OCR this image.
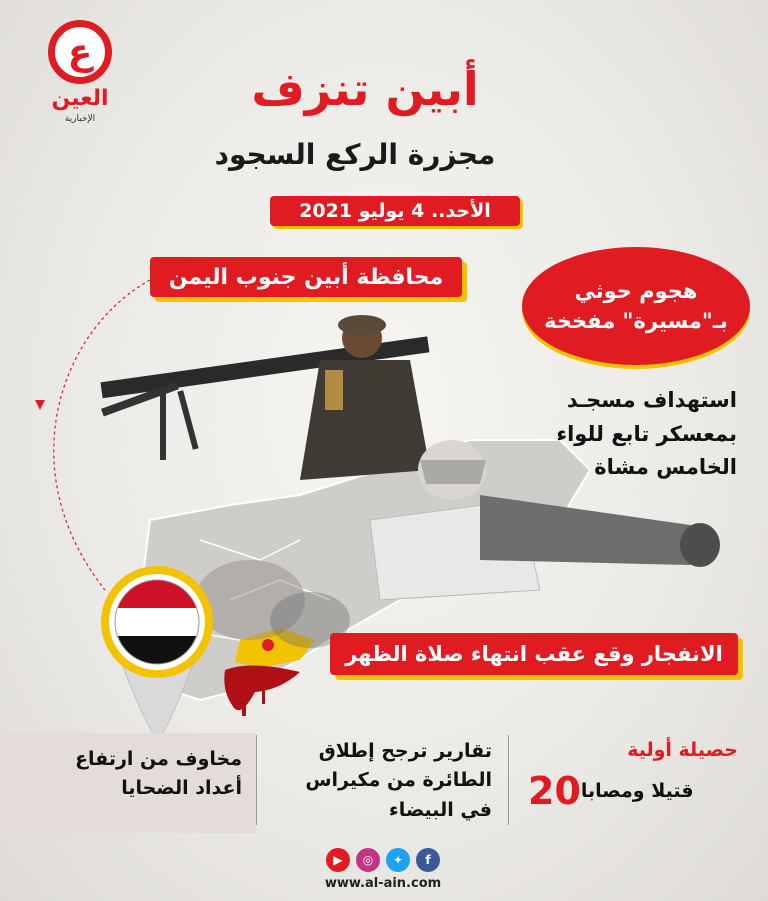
ع
العين
الإخبارية
أبين تنزف
مجزرة الركع السجود
الأحد.. 4 يوليو 2021
محافظة أبين جنوب اليمن
هجوم حوثي
بـ"مسيرة" مفخخة
استهداف مسجـد
بمعسكر تابع للواء
الخامس مشاة
الانفجار وقع عقب انتهاء صلاة الظهر
مخاوف من ارتفاع
أعداد الضحايا
تقارير ترجح إطلاق
الطائرة من مكيراس
في البيضاء
حصيلة أولية
20 قتيلا ومصابا
▶	◎	✦	f
www.al-ain.com
